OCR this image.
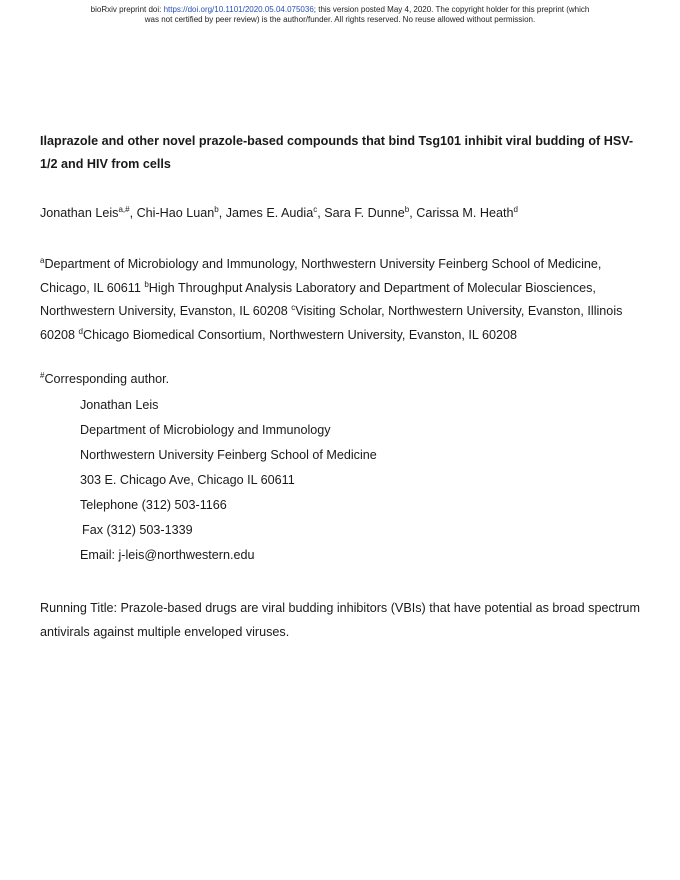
bioRxiv preprint doi: https://doi.org/10.1101/2020.05.04.075036; this version posted May 4, 2020. The copyright holder for this preprint (which
was not certified by peer review) is the author/funder. All rights reserved. No reuse allowed without permission.
Ilaprazole and other novel prazole-based compounds that bind Tsg101 inhibit viral budding of HSV-1/2 and HIV from cells
Jonathan Leis$^{a,\#}$, Chi-Hao Luan$^b$, James E. Audia$^c$, Sara F. Dunne$^b$, Carissa M. Heath$^d$
$^a$Department of Microbiology and Immunology, Northwestern University Feinberg School of Medicine, Chicago, IL 60611 $^b$High Throughput Analysis Laboratory and Department of Molecular Biosciences, Northwestern University, Evanston, IL 60208 $^c$Visiting Scholar, Northwestern University, Evanston, Illinois 60208 $^d$Chicago Biomedical Consortium, Northwestern University, Evanston, IL 60208
#Corresponding author.
Jonathan Leis
Department of Microbiology and Immunology
Northwestern University Feinberg School of Medicine
303 E. Chicago Ave, Chicago IL 60611
Telephone (312) 503-1166
Fax (312) 503-1339
Email: j-leis@northwestern.edu
Running Title: Prazole-based drugs are viral budding inhibitors (VBIs) that have potential as broad spectrum antivirals against multiple enveloped viruses.
